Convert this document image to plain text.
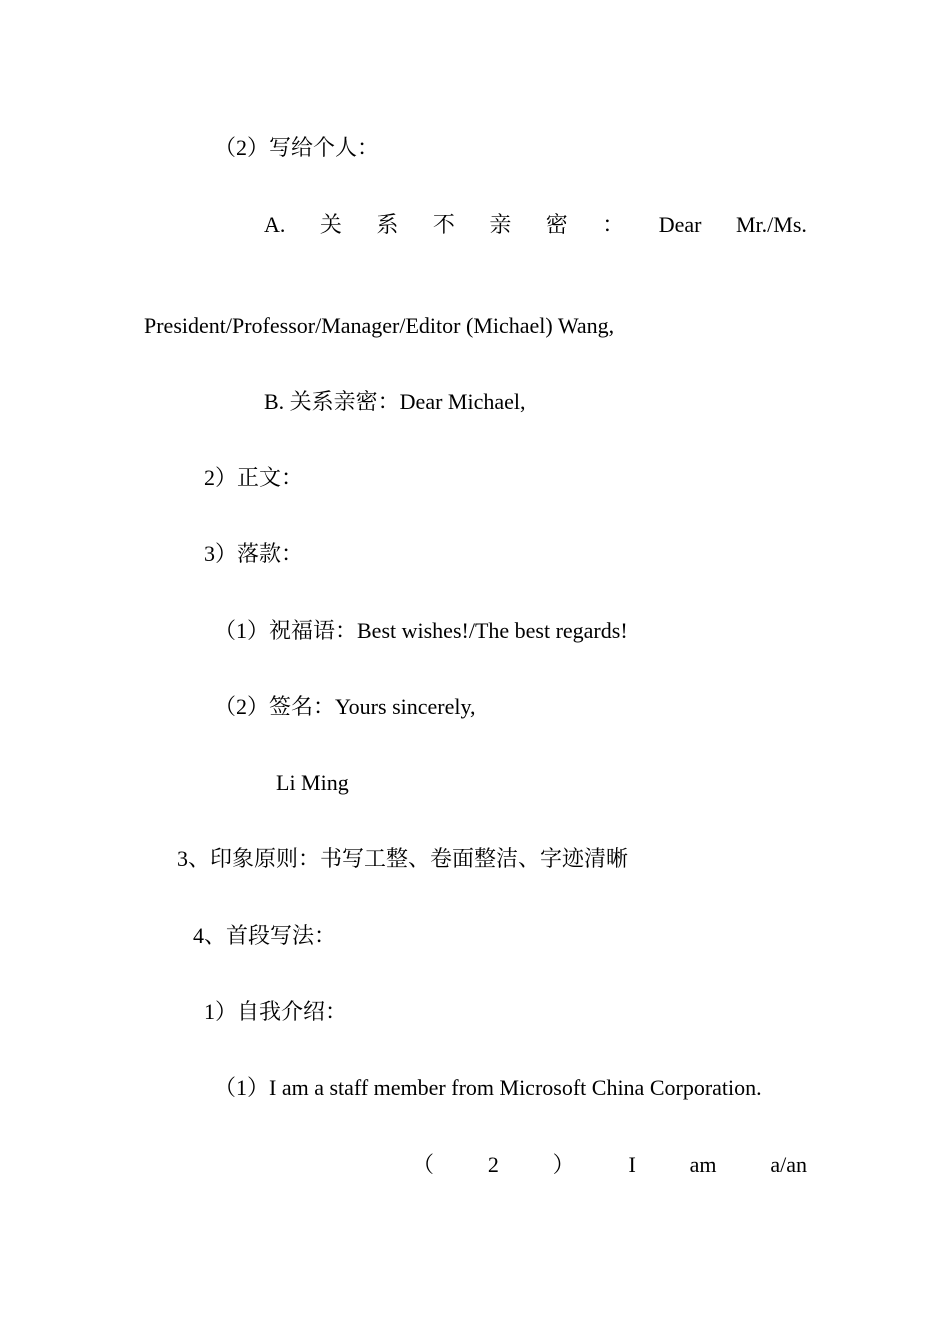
（2）写给个人：
A. 关 系 不 亲 密 ： Dear Mr./Ms.
President/Professor/Manager/Editor (Michael) Wang,
B. 关系亲密：Dear Michael,
2）正文：
3）落款：
（1）祝福语：Best wishes!/The best regards!
（2）签名：Yours sincerely,
Li Ming
3、印象原则：书写工整、卷面整洁、字迹清晰
4、首段写法：
1）自我介绍：
（1）I am a staff member from Microsoft China Corporation.
（ 2 ） I am a/an
